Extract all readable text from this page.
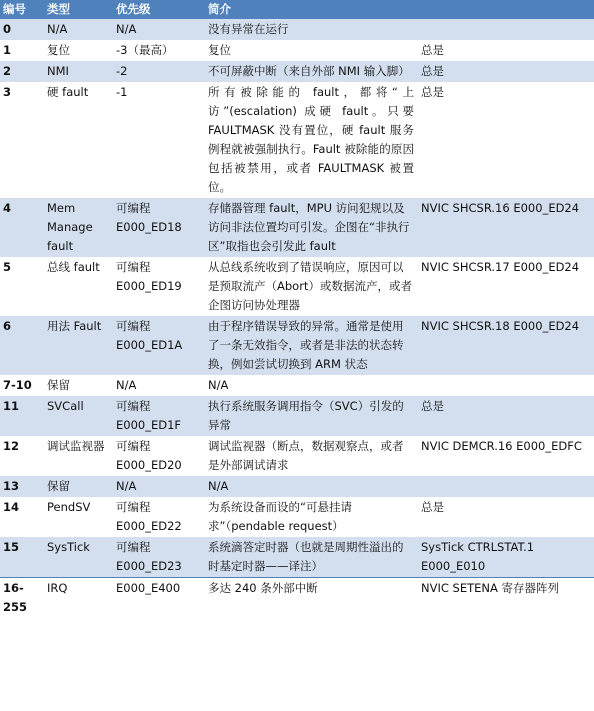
编号	类型	优先级	简介	
0	N/A	N/A	没有异常在运行	
1	复位	-3（最高）	复位	总是
2	NMI	-2	不可屏蔽中断（来自外部 NMI 输入脚）	总是
3	硬 fault	-1	所有被除能的 fault，都将“上访”(escalation) 成硬 fault。只要 FAULTMASK 没有置位，硬 fault 服务例程就被强制执行。Fault 被除能的原因包括被禁用，或者 FAULTMASK 被置位。	总是
4	Mem Manage fault	可编程 E000_ED18	存储器管理 fault，MPU 访问犯规以及访问非法位置均可引发。企图在“非执行区”取指也会引发此 fault	NVIC SHCSR.16 E000_ED24
5	总线 fault	可编程 E000_ED19	从总线系统收到了错误响应，原因可以是预取流产（Abort）或数据流产，或者企图访问协处理器	NVIC SHCSR.17 E000_ED24
6	用法 Fault	可编程 E000_ED1A	由于程序错误导致的异常。通常是使用了一条无效指令，或者是非法的状态转换，例如尝试切换到 ARM 状态	NVIC SHCSR.18 E000_ED24
7-10	保留	N/A	N/A	
11	SVCall	可编程 E000_ED1F	执行系统服务调用指令（SVC）引发的异常	总是
12	调试监视器	可编程 E000_ED20	调试监视器（断点，数据观察点，或者是外部调试请求	NVIC DEMCR.16 E000_EDFC
13	保留	N/A	N/A	
14	PendSV	可编程 E000_ED22	为系统设备而设的“可悬挂请求”（pendable request）	总是
15	SysTick	可编程 E000_ED23	系统滴答定时器（也就是周期性溢出的时基定时器——译注）	SysTick CTRLSTAT.1 E000_E010
16-255	IRQ	E000_E400	多达 240 条外部中断	NVIC SETENA 寄存器阵列
